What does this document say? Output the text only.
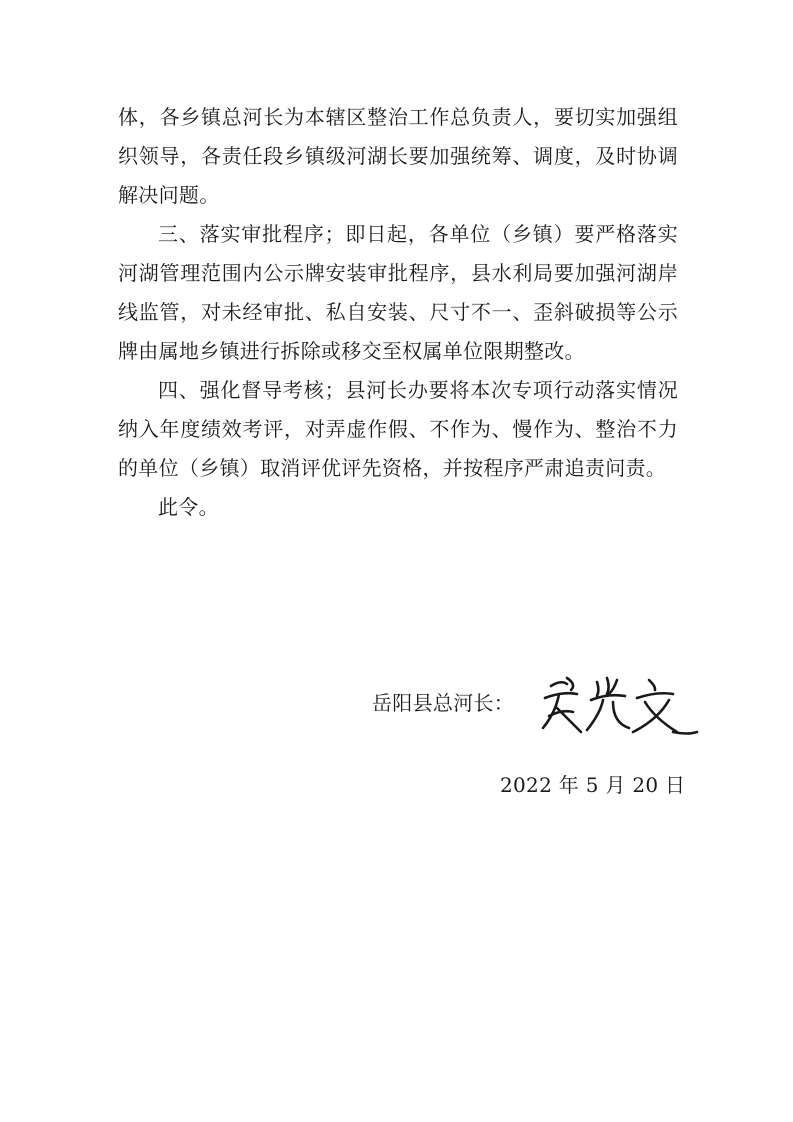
体，各乡镇总河长为本辖区整治工作总负责人，要切实加强组织领导，各责任段乡镇级河湖长要加强统筹、调度，及时协调解决问题。

三、落实审批程序；即日起，各单位（乡镇）要严格落实河湖管理范围内公示牌安装审批程序，县水利局要加强河湖岸线监管，对未经审批、私自安装、尺寸不一、歪斜破损等公示牌由属地乡镇进行拆除或移交至权属单位限期整改。

四、强化督导考核；县河长办要将本次专项行动落实情况纳入年度绩效考评，对弄虚作假、不作为、慢作为、整治不力的单位（乡镇）取消评优评先资格，并按程序严肃追责问责。

此令。

岳阳县总河长：
2022 年 5 月 20 日
